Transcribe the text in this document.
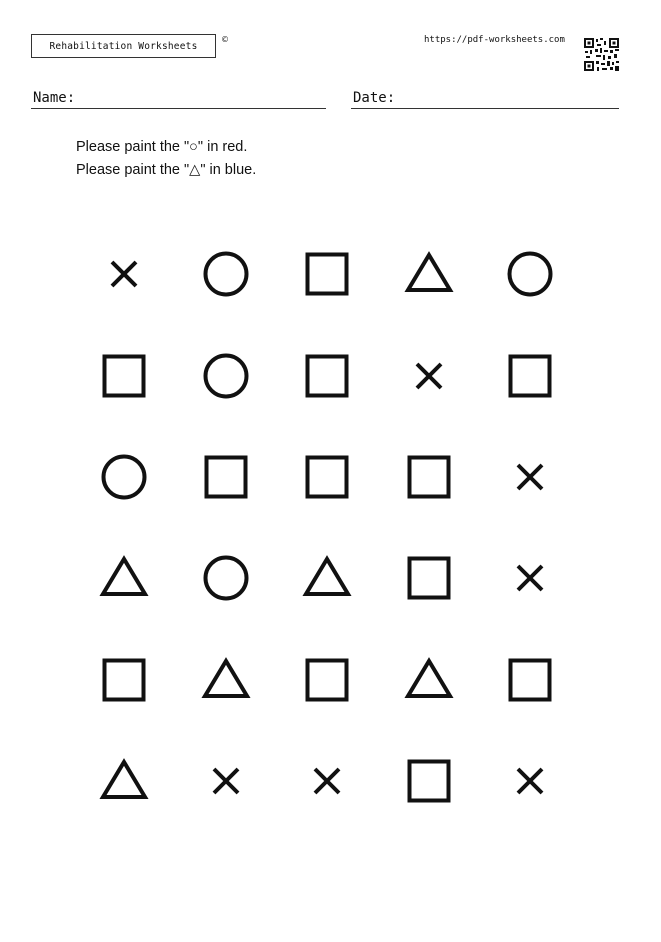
Rehabilitation Worksheets
©	https://pdf-worksheets.com
Name:	Date:
Please paint the "○" in red.
Please paint the "△" in blue.
